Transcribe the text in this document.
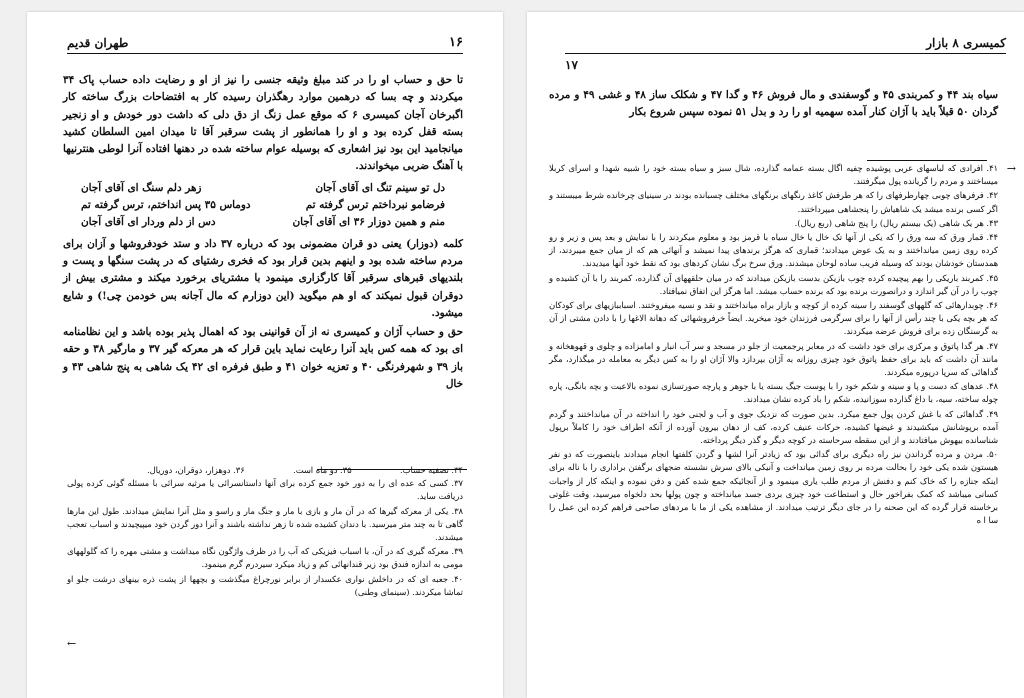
۱۶
طهران قدیم

تا حق و حساب او را در کند مبلغ وثیقه جنسی را نیز از او و رضایت داده حساب پاک ۳۴ میکردند و چه بسا که درهمین موارد رهگذران رسیده کار به افتضاحات بزرگ ساخته کار اگبرخان آجان کمیسری ۶ که موقع عمل زنگ از دق دلی که داشت دور خودش و او زنجیر بسته قفل کرده بود و او را همانطور از پشت سرقبر آقا تا میدان امین السلطان کشید میانجامید این بود نیز اشعاری که بوسیله عوام ساخته شده در دهنها افتاده آنرا لوطی هنترنیها با آهنگ ضربی میخواندند.

دل تو سینم تنگ ای آقای آجان
زهر دلم سنگ ای آقای آجان
فرضامو نبرداختم ترس گرفته تم
دوماس ۳۵ پس انداختم، ترس گرفته تم
منم و همین دوزار ۳۶ ای آقای آجان
دس از دلم وردار ای آقای آجان

کلمه (دوزار) یعنی دو قران مضمونی بود که درباره ۳۷ داد و ستد خودفروشها و آزان برای مردم ساخته شده بود و اینهم بدین قرار بود که فخری رشتیای که در پشت سنگها و پست و بلندیهای قبرهای سرقبر آقا کارگزاری مینمود با مشتریای برخورد میکند و مشتری بیش از دوقران قبول نمیکند که او هم میگوید (این دوزارم که مال آجانه بس خودمن چی!) و شایع میشود.

حق و حساب آژان و کمیسری نه از آن قوانینی بود که اهمال پذیر بوده باشد و این نظامنامه ای بود که همه کس باید آنرا رعایت نماید باین قرار که هر معرکه گیر ۳۷ و مارگیر ۳۸ و حقه باز ۳۹ و شهرفرنگی ۴۰ و تعزیه خوان ۴۱ و طبق فرفره ای ۴۲ یک شاهی به پنج شاهی ۴۳ و خال

۳۴. تصفیه حساب.
۳۵. دو ماه است.
۳۶. دوهزار، دوقران، دوریال.

۳۷. کسی که عده ای را به دور خود جمع کرده برای آنها داستانسرائی یا مرثیه سرائی با مسئله گوئی کرده پولی دریافت ساید.

۳۸. یکی از معرکه گیرها که در آن مار و بازی با مار و جنگ مار و راسو و مثل آنرا نمایش میدادند. طول این مارها گاهی تا به چند متر میرسید. با دندان کشیده شده تا زهر نداشته باشند و آنرا دور گردن خود میپیچیدند و اسباب تعجب میشدند.

۳۹. معرکه گیری که در آن، با اسباب فیزیکی که آب را در ظرف واژگون نگاه میداشت و مشتی مهره را که گلولههای مومی به اندازه فندق بود زیر قندانهائی کم و زیاد میکرد سیردرم گرم مینمود.

۴۰. جعبه ای که در داخلش نواری عکسدار از برابر نورچراغ میگذشت و بچهها از پشت ذره بینهای درشت جلو او تماشا میکردند. (سینمای وطنی)

←
کمیسری ۸ بازار
۱۷

سیاه بند ۴۴ و کمربندی ۴۵ و گوسفندی و مال فروش ۴۶ و گدا ۴۷ و شکلک ساز ۴۸ و غشی ۴۹ و مرده گردان ۵۰ قبلاً باید با آژان کنار آمده سهمیه او را رد و بدل ۵۱ نموده سپس شروع بکار

۴۱. افرادی که لباسهای عربی پوشیده چفیه اگال بسته عمامه گذارده، شال سبز و سیاه بسته خود را شبیه شهدا و اسرای کربلا میساختند و مردم را گریانده پول میگرفتند.

۴۲. فرفرهای چوبی چهارطرفهای را که هر طرفش کاغذ رنگهای برنگهای مختلف چسبانده بودند در سینیای چرخانده شرط میبستند و اگر کسی برنده میشد یک شاهیاش را پنجشاهی میپرداختند.

۴۳. هر یک شاهی (یک بیستم ریال) را پنج شاهی (ربع ریال).

۴۴. قمار ورق که سه ورق را که یکی از آنها تک خال یا خال سیاه با قرمز بود و معلوم میکردند را با نمایش و بعد پس و زیر و رو کرده روی زمین میانداختند و به یک عوض میدادند؛ قماری که هرگز برندهای پیدا نمیشد و آنهائی هم که از میان جمع میبردند، از همدستان خودشان بودند که وسیله فریب ساده لوحان میشدند. ورق سرخ برگ نشان کردهای بود که نقط خود آنها میدیدند.

۴۵. کمربند باریکی را بهم پیچیده کرده چوب بازیکن بدست بازیکن میدادند که در میان حلقههای آن گذارده، کمربند را با آن کشیده و چوب را در آن گیر اندازد و درانصورت برنده بود که برنده حساب میشد. اما هرگز این اتفاق نمیافتاد.

۴۶. چوبدارهائی که گلههای گوسفند را سینه کرده از کوچه و بازار براه میانداختند و نقد و نسیه میفروختند. اسباببازیهای برای کودکان که هر بچه یکی با چند رأس از آنها را برای سرگرمی فرزندان خود میخرید. ایضاً خرفروشهائی که دهانة الاغها را با دادن مشتی از آن به گرسنگان زده برای فروش عرضه میکردند.

۴۷. هر گدا پاتوق و مرکزی برای خود داشت که در معابر پرجمعیت از جلو در مسجد و سر آب انبار و امامزاده و چلوی و قهوهخانه و مانند آن داشت که باید برای حفظ پاتوق خود چیزی روزانه به آژان بپردازد والا آژان او را به کس دیگر به معامله در میگذارد، مگر گداهائی که سرپا درپوره میکردند.

۴۸. عدهای که دست و پا و سینه و شکم خود را با پوست جیگ بسته یا با جوهر و پارچه صورتسازی نموده بالاعبت و بچه بانگی، پاره چوله ساخته، سیه، با داغ گذارده سوزانیده، شکم را باد کرده نشان میدادند.

۴۹. گداهائی که با غش کردن پول جمع میکرد. بدین صورت که نزدیک جوی و آب و لجنی خود را انداخته در آن میانداختند و گردم آمده برپوشانش میکشیدند و غیضها کشیده، حرکات عنیف کرده، کف از دهان بیرون آورده از آنکه اطراف خود را کاملاً برپول شناسانده بیهوش میافتادند و از این سقطه سرحاسته در کوچه دیگر و گذر دیگر پرداخته.

۵۰. مردن و مرده گرداندن نیز راه دیگری برای گدائی بود که زیادتر آنرا لشها و گردن کلفتها انجام میدادند باینصورت که دو نفر هیستون شده یکی خود را بحالت مرده بر روی زمین میانداخت و آنیکی بالای سرش نشسته ضجهای برگفتن براداری را با ناله برای اینکه جنازه را که خاک کنم و دفنش از مردم طلب یاری مینمود و از آنجائیکه جمع شده کفن و دفن نموده و اینکه کار از واجبات کسانی میباشد که کمک بفراخور حال و استطاعت خود چیزی بردی جسد میانداخته و چون پولها بحد دلخواه میرسید، وقت غلوتی برخاسته قرار گرده که این صحنه را در جای دیگر ترتیب میدادند. از مشاهده یکی از ما با مردهای صاحبی فراهم کرده این عمل را سا ا ه

→
